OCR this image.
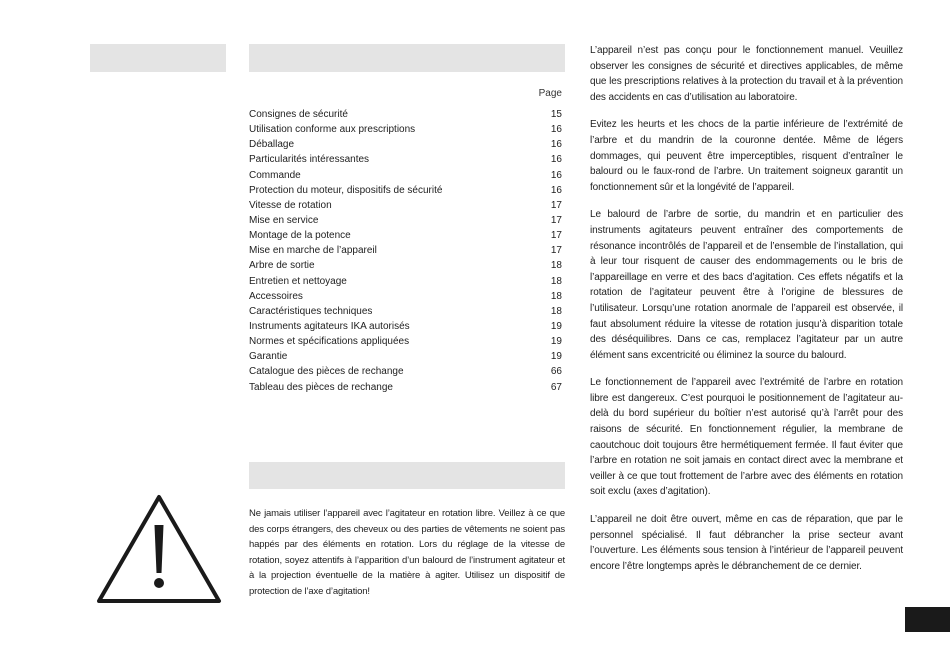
Page
Consignes de sécurité	15
Utilisation conforme aux prescriptions	16
Déballage	16
Particularités intéressantes	16
Commande	16
Protection du moteur, dispositifs de sécurité	16
Vitesse de rotation	17
Mise en service	17
Montage de la potence	17
Mise en marche de l’appareil	17
Arbre de sortie	18
Entretien et nettoyage	18
Accessoires	18
Caractéristiques techniques	18
Instruments agitateurs IKA autorisés	19
Normes et spécifications appliquées	19
Garantie	19
Catalogue des pièces de rechange	66
Tableau des pièces de rechange	67

Ne jamais utiliser l’appareil avec l’agitateur en rotation libre. Veillez à ce que des corps étrangers, des cheveux ou des parties de vêtements ne soient pas happés par des éléments en rotation. Lors du réglage de la vitesse de rotation, soyez attentifs à l’apparition d’un balourd de l’instrument agitateur et à la projection éventuelle de la matière à agiter. Utilisez un dispositif de protection de l’axe d’agitation!

L’appareil n’est pas conçu pour le fonctionnement manuel. Veuillez observer les consignes de sécurité et directives applicables, de même que les prescriptions relatives à la protection du travail et à la prévention des accidents en cas d’utilisation au laboratoire.

Evitez les heurts et les chocs de la partie inférieure de l’extrémité de l’arbre et du mandrin de la couronne dentée. Même de légers dommages, qui peuvent être imperceptibles, risquent d’entraîner le balourd ou le faux-rond de l’arbre. Un traitement soigneux garantit un fonctionnement sûr et la longévité de l’appareil.

Le balourd de l’arbre de sortie, du mandrin et en particulier des instruments agitateurs peuvent entraîner des comportements de résonance incontrôlés de l’appareil et de l’ensemble de l’installation, qui à leur tour risquent de causer des endommagements ou le bris de l’appareillage en verre et des bacs d’agitation. Ces effets négatifs et la rotation de l’agitateur peuvent être à l’origine de blessures de l’utilisateur. Lorsqu’une rotation anormale de l’appareil est observée, il faut absolument réduire la vitesse de rotation jusqu’à disparition totale des déséquilibres. Dans ce cas, remplacez l’agitateur par un autre élément sans excentricité ou éliminez la source du balourd.

Le fonctionnement de l’appareil avec l’extrémité de l’arbre en rotation libre est dangereux. C’est pourquoi le positionnement de l’agitateur au-delà du bord supérieur du boîtier n’est autorisé qu’à l’arrêt pour des raisons de sécurité. En fonctionnement régulier, la membrane de caoutchouc doit toujours être hermétiquement fermée. Il faut éviter que l’arbre en rotation ne soit jamais en contact direct avec la membrane et veiller à ce que tout frottement de l’arbre avec des éléments en rotation soit exclu (axes d’agitation).

L’appareil ne doit être ouvert, même en cas de réparation, que par le personnel spécialisé. Il faut débrancher la prise secteur avant l’ouverture. Les éléments sous tension à l’intérieur de l’appareil peuvent encore l’être longtemps après le débranchement de ce dernier.
